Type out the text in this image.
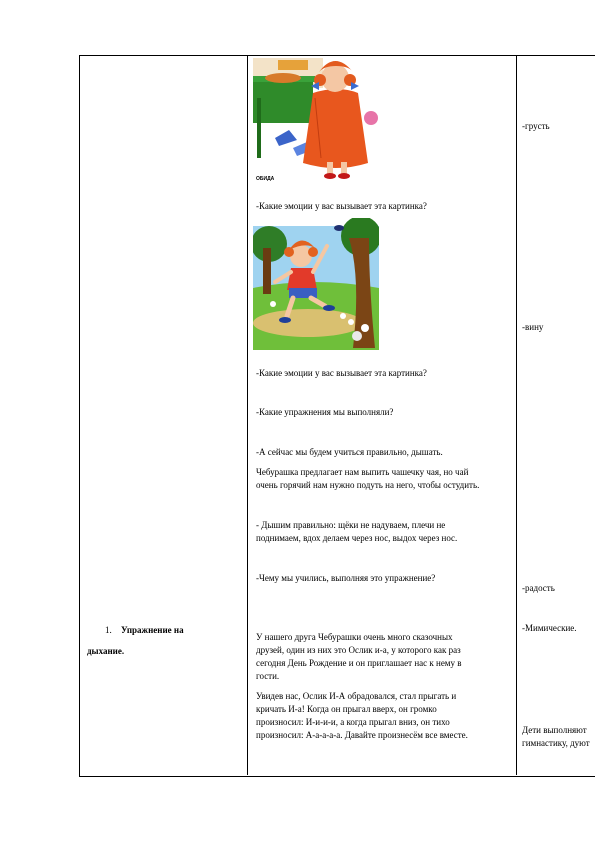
1. Упражнение на
дыхание.
ОБИДА
-Какие эмоции у вас вызывает эта картинка?
-Какие эмоции у вас вызывает эта картинка?
-Какие упражнения мы выполняли?
-А сейчас мы будем учиться правильно, дышать.
Чебурашка предлагает нам выпить чашечку чая, но чай
очень горячий нам нужно подуть на него, чтобы остудить.
- Дышим правильно: щёки не надуваем, плечи не
поднимаем, вдох делаем через нос, выдох через нос.
-Чему мы учились, выполняя это упражнение?
У нашего друга Чебурашки очень много сказочных
друзей, один из них это Ослик и-а, у которого как раз
сегодня День Рождение и он приглашает нас к нему в
гости.
Увидев нас, Ослик И-А обрадовался, стал прыгать и
кричать И-а! Когда он прыгал вверх, он громко
произносил: И-и-и-и, а когда прыгал вниз, он тихо
произносил: А-а-а-а-а. Давайте произнесём все вместе.
-грусть
-вину
-радость
-Мимические.
Дети выполняют
гимнастику, дуют
